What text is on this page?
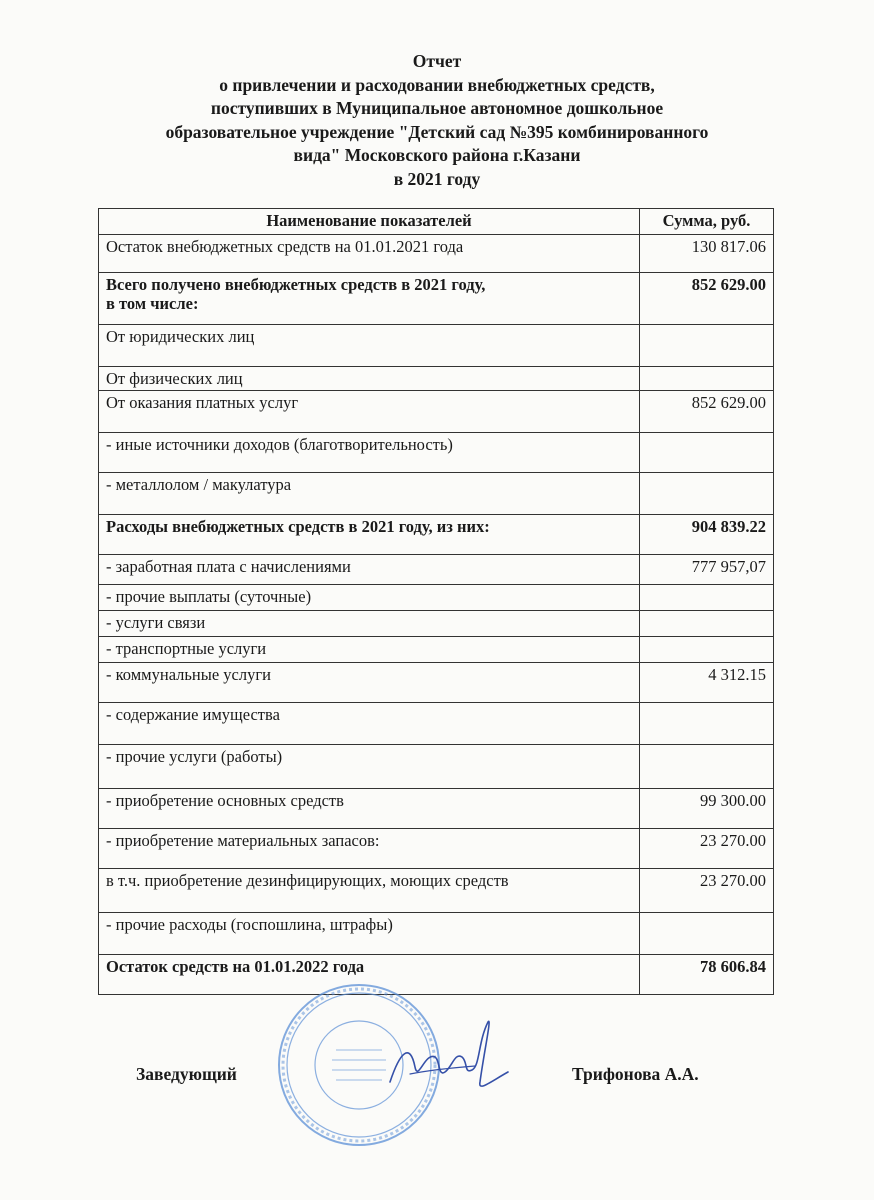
Отчет
о привлечении и расходовании внебюджетных средств,
поступивших в Муниципальное автономное дошкольное
образовательное учреждение "Детский сад №395 комбинированного
вида" Московского района г.Казани
в 2021 году
Наименование показателей	Сумма, руб.
Остаток внебюджетных средств на 01.01.2021 года	130 817.06

Всего получено внебюджетных средств в 2021 году,
в том числе:	852 629.00
От юридических лиц	
От физических лиц	
От оказания платных услуг	852 629.00
- иные источники доходов (благотворительность)	
- металлолом / макулатура	
Расходы внебюджетных средств в 2021 году, из них:	904 839.22
- заработная плата с начислениями	777 957,07
- прочие выплаты (суточные)	
- услуги связи	
- транспортные услуги	
- коммунальные услуги	4 312.15
- содержание имущества	
- прочие услуги (работы)	
- приобретение основных средств	99 300.00
- приобретение материальных запасов:	23 270.00
в т.ч. приобретение дезинфицирующих, моющих средств	23 270.00
- прочие расходы (госпошлина, штрафы)	
Остаток средств на 01.01.2022 года	78 606.84
Заведующий	Трифонова А.А.
